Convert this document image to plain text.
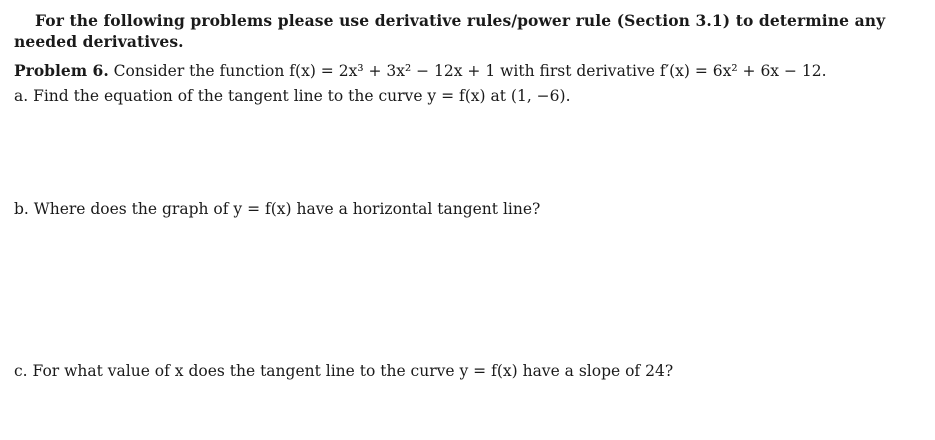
For the following problems please use derivative rules/power rule (Section 3.1) to determine any needed derivatives.
Problem 6. Consider the function f(x) = 2x³ + 3x² − 12x + 1 with first derivative f′(x) = 6x² + 6x − 12.
a. Find the equation of the tangent line to the curve y = f(x) at (1, −6).
b. Where does the graph of y = f(x) have a horizontal tangent line?
c. For what value of x does the tangent line to the curve y = f(x) have a slope of 24?
